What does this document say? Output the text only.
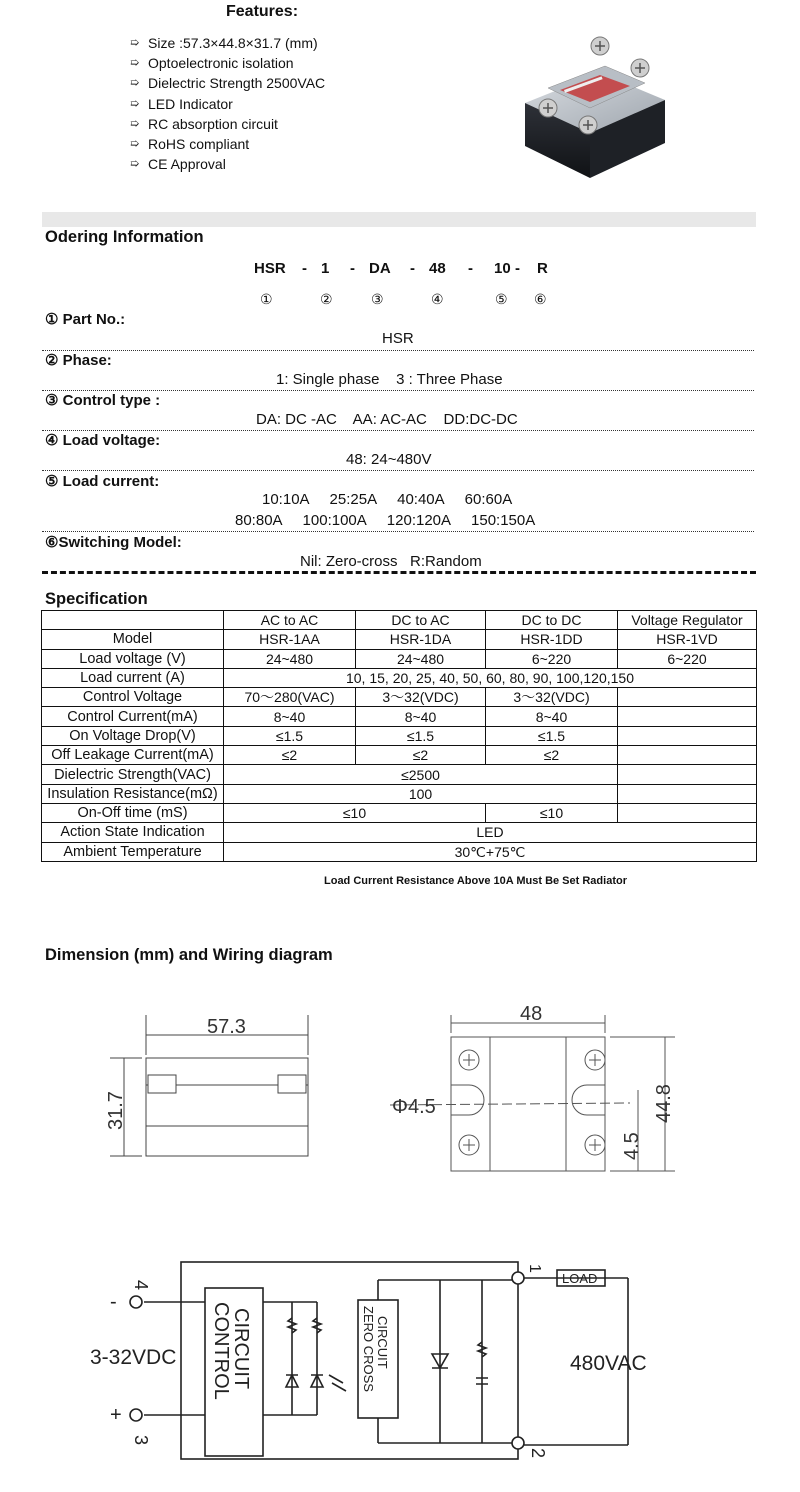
Features:
➯ Size :57.3×44.8×31.7 (mm)
➯ Optoelectronic isolation
➯ Dielectric Strength 2500VAC
➯ LED Indicator
➯ RC absorption circuit
➯ RoHS compliant
➯ CE Approval
Odering Information
HSR - 1 - DA - 48 - 10 - R
①	②	③	④	⑤ ⑥
① Part No.:
HSR
② Phase:
1: Single phase    3 : Three Phase
③ Control type :
DA: DC -AC    AA: AC-AC    DD:DC-DC
④ Load voltage:
48: 24~480V
⑤ Load current:
10:10A     25:25A     40:40A     60:60A
80:80A     100:100A     120:120A     150:150A
⑥Switching Model:
Nil: Zero-cross   R:Random
Specification
	AC to AC	DC to AC	DC to DC	Voltage Regulator
Model	HSR-1AA	HSR-1DA	HSR-1DD	HSR-1VD
Load voltage (V)	24~480	24~480	6~220	6~220
Load current (A)	10, 15, 20, 25, 40, 50, 60, 80, 90, 100,120,150			
Control Voltage	70～280(VAC)	3～32(VDC)	3～32(VDC)	
Control Current(mA)	8~40	8~40	8~40	
On Voltage Drop(V)	≤1.5	≤1.5	≤1.5	
Off Leakage Current(mA)	≤2	≤2	≤2	
Dielectric Strength(VAC)	≤2500			
Insulation Resistance(mΩ)	100			
On-Off time (mS)	≤10		≤10	
Action State Indication	LED			
Ambient Temperature	30℃+75℃			
Load Current Resistance Above 10A Must Be Set Radiator
Dimension (mm) and Wiring diagram
57.3
31.7
48
44.8
Φ4.5
4.5
4
3
1
2
-
+
3-32VDC CONTROL
CIRCUIT	ZERO CROSS CIRCUIT
LOAD
480VAC
